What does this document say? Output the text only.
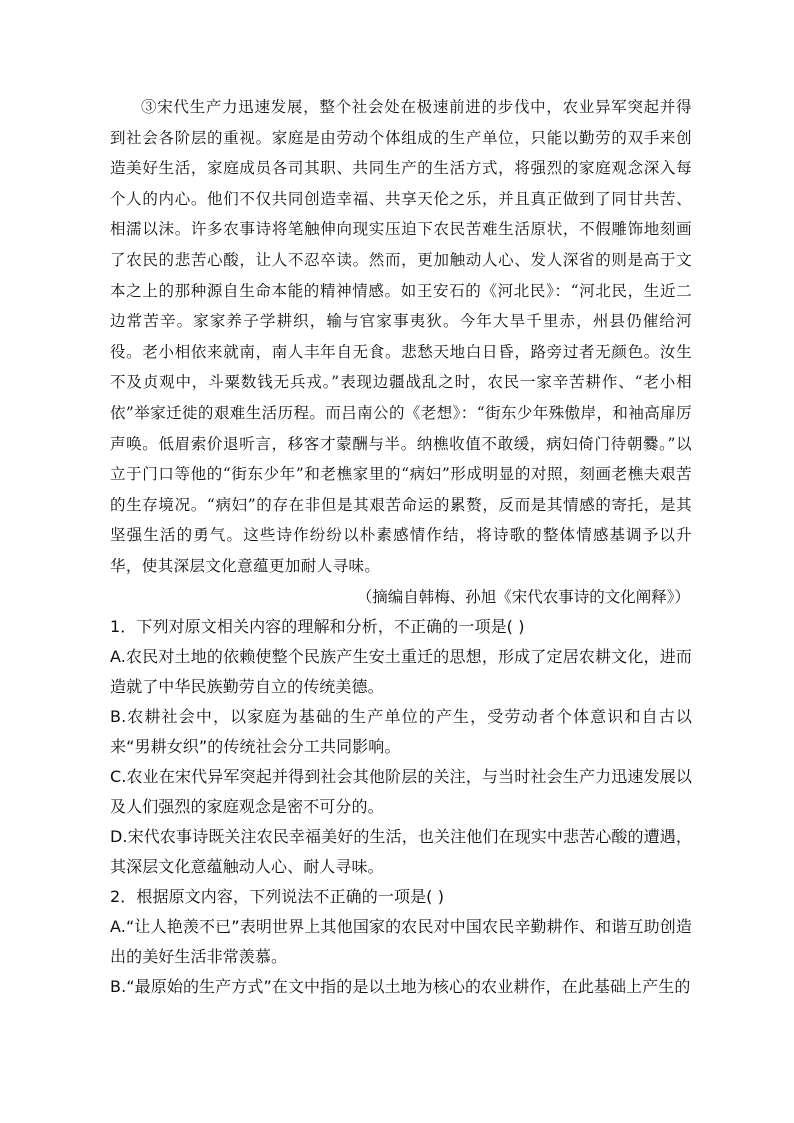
③宋代生产力迅速发展，整个社会处在极速前进的步伐中，农业异军突起并得到社会各阶层的重视。家庭是由劳动个体组成的生产单位，只能以勤劳的双手来创造美好生活，家庭成员各司其职、共同生产的生活方式，将强烈的家庭观念深入每个人的内心。他们不仅共同创造幸福、共享天伦之乐，并且真正做到了同甘共苦、相濡以沫。许多农事诗将笔触伸向现实压迫下农民苦难生活原状，不假雕饰地刻画了农民的悲苦心酸，让人不忍卒读。然而，更加触动人心、发人深省的则是高于文本之上的那种源自生命本能的精神情感。如王安石的《河北民》：“河北民，生近二边常苦辛。家家养子学耕织，输与官家事夷狄。今年大旱千里赤，州县仍催给河役。老小相依来就南，南人丰年自无食。悲愁天地白日昏，路旁过者无颜色。汝生不及贞观中，斗粟数钱无兵戎。”表现边疆战乱之时，农民一家辛苦耕作、“老小相依”举家迁徙的艰难生活历程。而吕南公的《老想》：“街东少年殊傲岸，和袖高扉厉声唤。低眉索价退听言，移客才蒙酬与半。纳樵收值不敢缓，病妇倚门待朝爨。”以立于门口等他的“街东少年”和老樵家里的“病妇”形成明显的对照，刻画老樵夫艰苦的生存境况。“病妇”的存在非但是其艰苦命运的累赘，反而是其情感的寄托，是其坚强生活的勇气。这些诗作纷纷以朴素感情作结，将诗歌的整体情感基调予以升华，使其深层文化意蕴更加耐人寻味。

（摘编自韩梅、孙旭《宋代农事诗的文化阐释》）

1．下列对原文相关内容的理解和分析，不正确的一项是( )

A.农民对土地的依赖使整个民族产生安土重迁的思想，形成了定居农耕文化，进而造就了中华民族勤劳自立的传统美德。

B.农耕社会中，以家庭为基础的生产单位的产生，受劳动者个体意识和自古以来“男耕女织”的传统社会分工共同影响。

C.农业在宋代异军突起并得到社会其他阶层的关注，与当时社会生产力迅速发展以及人们强烈的家庭观念是密不可分的。

D.宋代农事诗既关注农民幸福美好的生活，也关注他们在现实中悲苦心酸的遭遇，其深层文化意蕴触动人心、耐人寻味。

2．根据原文内容，下列说法不正确的一项是( )

A.“让人艳羡不已”表明世界上其他国家的农民对中国农民辛勤耕作、和谐互助创造出的美好生活非常羡慕。

B.“最原始的生产方式”在文中指的是以土地为核心的农业耕作，在此基础上产生的
